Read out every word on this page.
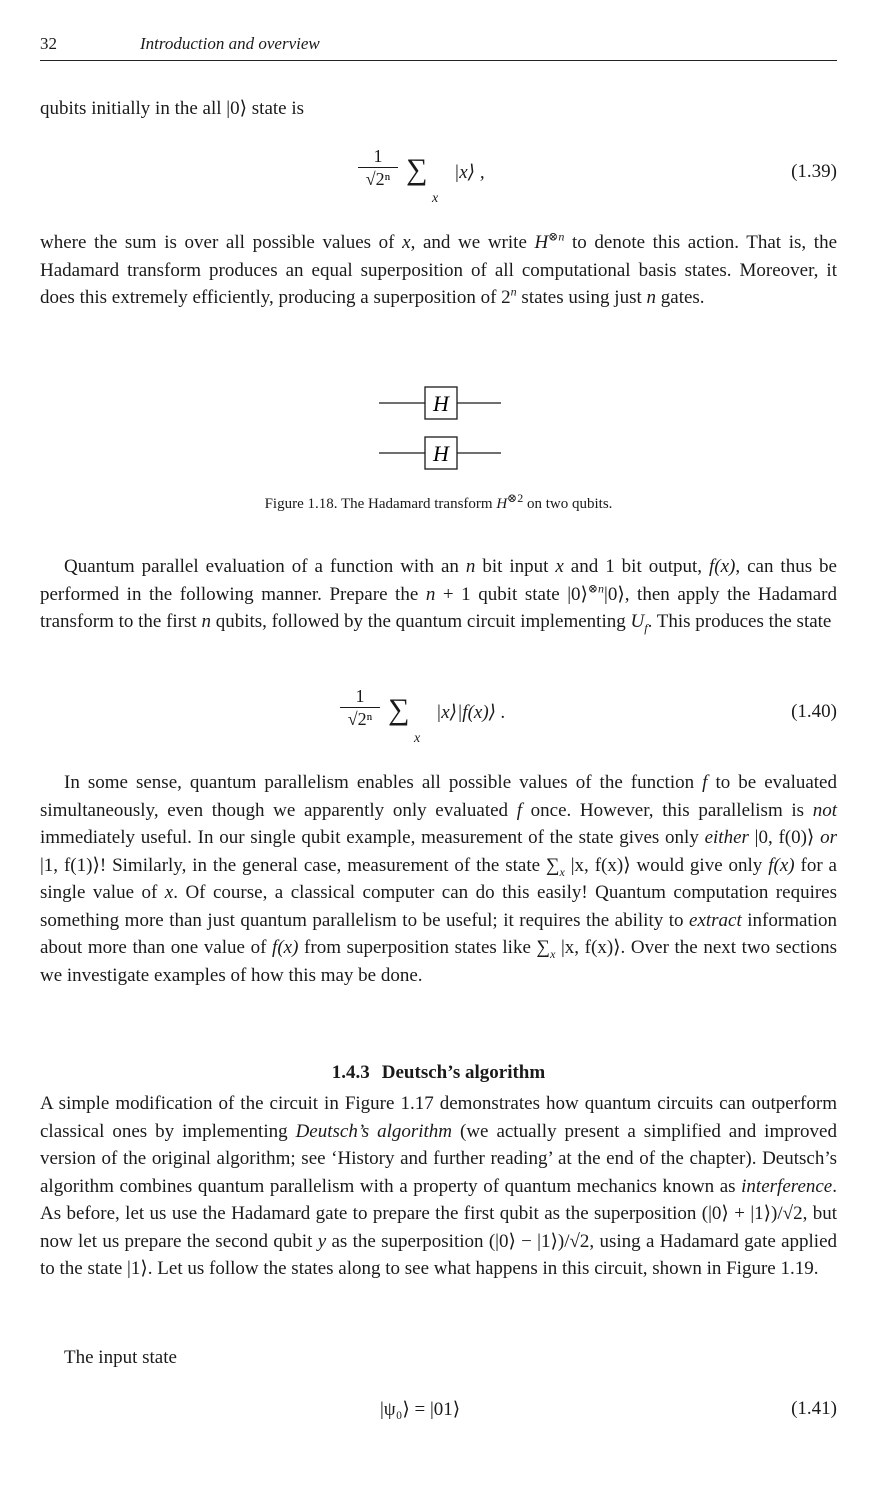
32	Introduction and overview

qubits initially in the all |0⟩ state is

$\frac{1}{\text{√2ⁿ}}$ ∑
x
|x⟩ ,	(1.39)

where the sum is over all possible values of x, and we write $H^{\otimes n}$ to denote this action. That is, the Hadamard transform produces an equal superposition of all computational basis states. Moreover, it does this extremely efficiently, producing a superposition of 2$^n$ states using just n gates.

H
H
Figure 1.18. The Hadamard transform $H^{\otimes 2}$ on two qubits.

Quantum parallel evaluation of a function with an n bit input x and 1 bit output, f(x), can thus be performed in the following manner. Prepare the n + 1 qubit state |0⟩$^{\otimes n}$|0⟩, then apply the Hadamard transform to the first n qubits, followed by the quantum circuit implementing $U_f$. This produces the state

$\frac{1}{\text{√2ⁿ}}$ ∑
x
|x⟩|f(x)⟩ .	(1.40)

In some sense, quantum parallelism enables all possible values of the function f to be evaluated simultaneously, even though we apparently only evaluated f once. However, this parallelism is not immediately useful. In our single qubit example, measurement of the state gives only either |0, f(0)⟩ or |1, f(1)⟩! Similarly, in the general case, measurement of the state $\sum_x$ |x, f(x)⟩ would give only f(x) for a single value of x. Of course, a classical computer can do this easily! Quantum computation requires something more than just quantum parallelism to be useful; it requires the ability to extract information about more than one value of f(x) from superposition states like $\sum_x$ |x, f(x)⟩. Over the next two sections we investigate examples of how this may be done.

1.4.3 Deutsch’s algorithm

A simple modification of the circuit in Figure 1.17 demonstrates how quantum circuits can outperform classical ones by implementing Deutsch’s algorithm (we actually present a simplified and improved version of the original algorithm; see ‘History and further reading’ at the end of the chapter). Deutsch’s algorithm combines quantum parallelism with a property of quantum mechanics known as interference. As before, let us use the Hadamard gate to prepare the first qubit as the superposition (|0⟩ + |1⟩)/√2, but now let us prepare the second qubit y as the superposition (|0⟩ − |1⟩)/√2, using a Hadamard gate applied to the state |1⟩. Let us follow the states along to see what happens in this circuit, shown in Figure 1.19.

The input state

|ψ₀⟩ = |01⟩	(1.41)
